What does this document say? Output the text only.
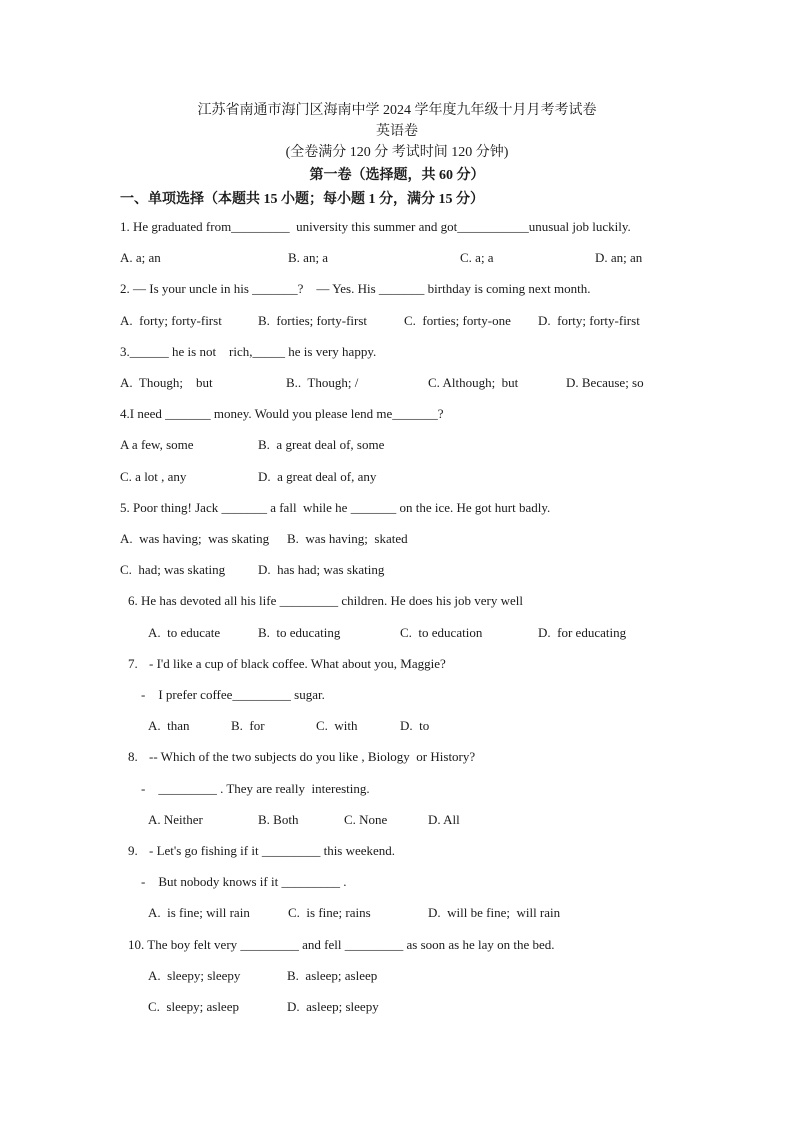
江苏省南通市海门区海南中学 2024 学年度九年级十月月考考试卷
英语卷
(全卷满分 120 分 考试时间 120 分钟)
第一卷（选择题，共 60 分）
一、单项选择（本题共 15 小题；每小题 1 分，满分 15 分）
1. He graduated from_________  university this summer and got___________unusual job luckily.
A. a; an	B. an; a	C. a; a	D. an; an
2. — Is your uncle in his _______?    — Yes. His _______ birthday is coming next month.
A.  forty; forty-first	B.  forties; forty-first	C.  forties; forty-one D.  forty; forty-first
3.______ he is not    rich,_____ he is very happy.
A.  Though;    but	B..  Though; /	C. Although;  but	D. Because; so
4.I need _______ money. Would you please lend me_______?
A a few, some	B.  a great deal of, some
C. a lot , any	D.  a great deal of, any
5. Poor thing! Jack _______ a fall  while he _______ on the ice. He got hurt badly.
A.  was having;  was skating B.  was having;  skated
C.  had; was skating	D.  has had; was skating
6. He has devoted all his life _________ children. He does his job very well
A.  to educate	B.  to educating	C.  to education	D.  for educating
7. - I'd like a cup of black coffee. What about you, Maggie?
-    I prefer coffee_________ sugar.
A.  than	B.  for	C.  with	D.  to
8. -- Which of the two subjects do you like , Biology  or History?
-    _________ . They are really  interesting.
A. Neither	B. Both	C. None	D. All
9. - Let's go fishing if it _________ this weekend.
-    But nobody knows if it _________ .
A.  is fine; will rain	C.  is fine; rains	D.  will be fine;  will rain
10. The boy felt very _________ and fell _________ as soon as he lay on the bed.
A.  sleepy; sleepy	B.  asleep; asleep
C.  sleepy; asleep	D.  asleep; sleepy
